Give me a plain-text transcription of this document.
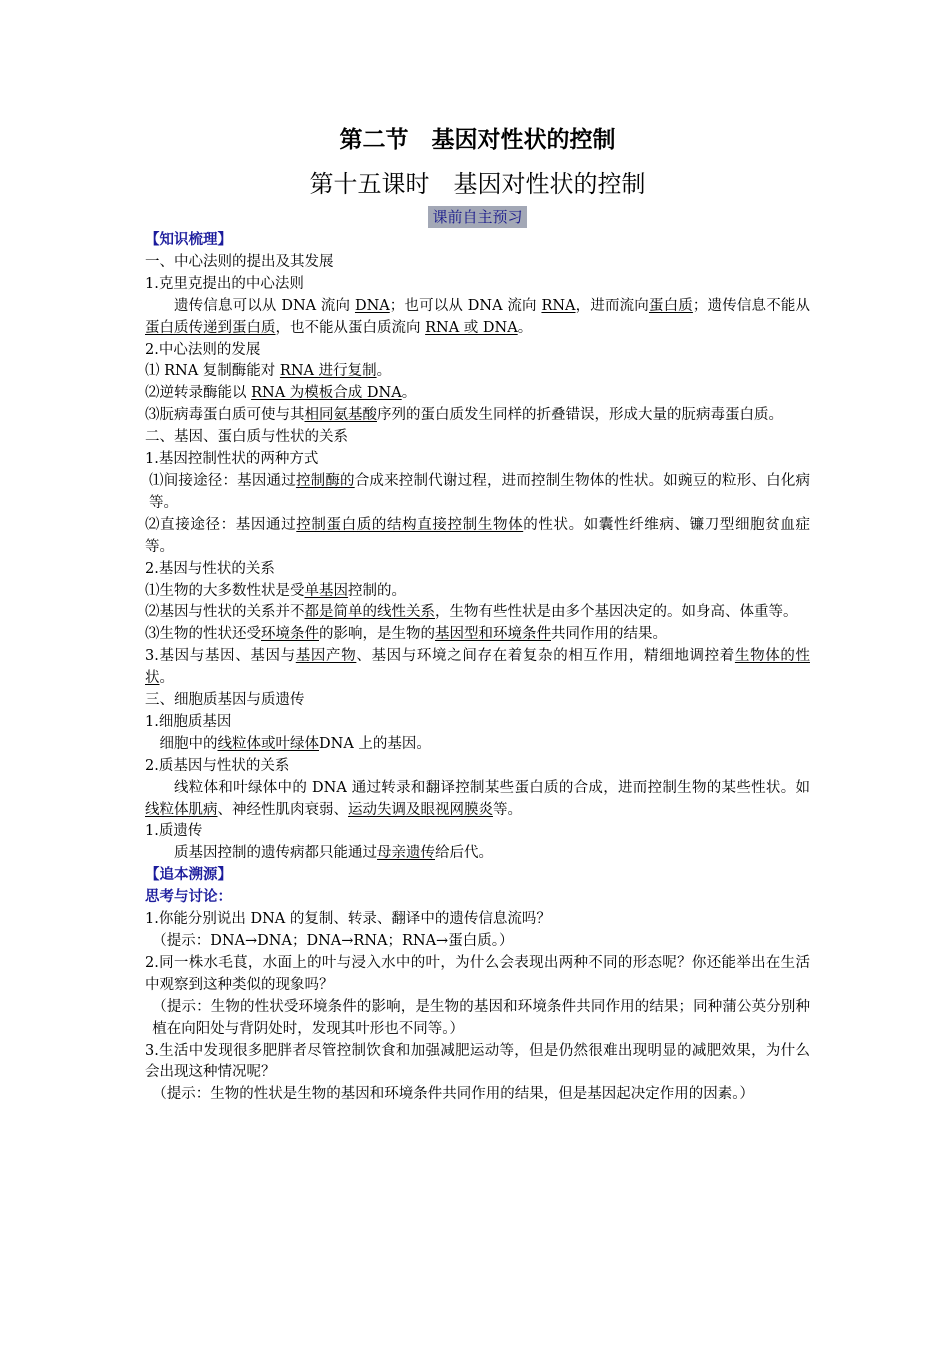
第二节　基因对性状的控制
第十五课时　基因对性状的控制
课前自主预习

【知识梳理】

一、中心法则的提出及其发展

1.克里克提出的中心法则

遗传信息可以从 DNA 流向 DNA；也可以从 DNA 流向 RNA，进而流向蛋白质；遗传信息不能从蛋白质传递到蛋白质，也不能从蛋白质流向 RNA 或 DNA。

2.中心法则的发展

⑴ RNA 复制酶能对 RNA 进行复制。

⑵逆转录酶能以 RNA 为模板合成 DNA。

⑶朊病毒蛋白质可使与其相同氨基酸序列的蛋白质发生同样的折叠错误，形成大量的朊病毒蛋白质。

二、基因、蛋白质与性状的关系

1.基因控制性状的两种方式

⑴间接途径：基因通过控制酶的合成来控制代谢过程，进而控制生物体的性状。如豌豆的粒形、白化病等。

⑵直接途径：基因通过控制蛋白质的结构直接控制生物体的性状。如囊性纤维病、镰刀型细胞贫血症等。

2.基因与性状的关系

⑴生物的大多数性状是受单基因控制的。

⑵基因与性状的关系并不都是简单的线性关系，生物有些性状是由多个基因决定的。如身高、体重等。

⑶生物的性状还受环境条件的影响，是生物的基因型和环境条件共同作用的结果。

3.基因与基因、基因与基因产物、基因与环境之间存在着复杂的相互作用，精细地调控着生物体的性状。

三、细胞质基因与质遗传

1.细胞质基因

细胞中的线粒体或叶绿体DNA 上的基因。

2.质基因与性状的关系

线粒体和叶绿体中的 DNA 通过转录和翻译控制某些蛋白质的合成，进而控制生物的某些性状。如线粒体肌病、神经性肌肉衰弱、运动失调及眼视网膜炎等。

1.质遗传

质基因控制的遗传病都只能通过母亲遗传给后代。

【追本溯源】

思考与讨论：

1.你能分别说出 DNA 的复制、转录、翻译中的遗传信息流吗？

（提示：DNA→DNA；DNA→RNA；RNA→蛋白质。）

2.同一株水毛茛，水面上的叶与浸入水中的叶，为什么会表现出两种不同的形态呢？你还能举出在生活中观察到这种类似的现象吗？

（提示：生物的性状受环境条件的影响，是生物的基因和环境条件共同作用的结果；同种蒲公英分别种植在向阳处与背阴处时，发现其叶形也不同等。）

3.生活中发现很多肥胖者尽管控制饮食和加强减肥运动等，但是仍然很难出现明显的减肥效果，为什么会出现这种情况呢？

（提示：生物的性状是生物的基因和环境条件共同作用的结果，但是基因起决定作用的因素。）
